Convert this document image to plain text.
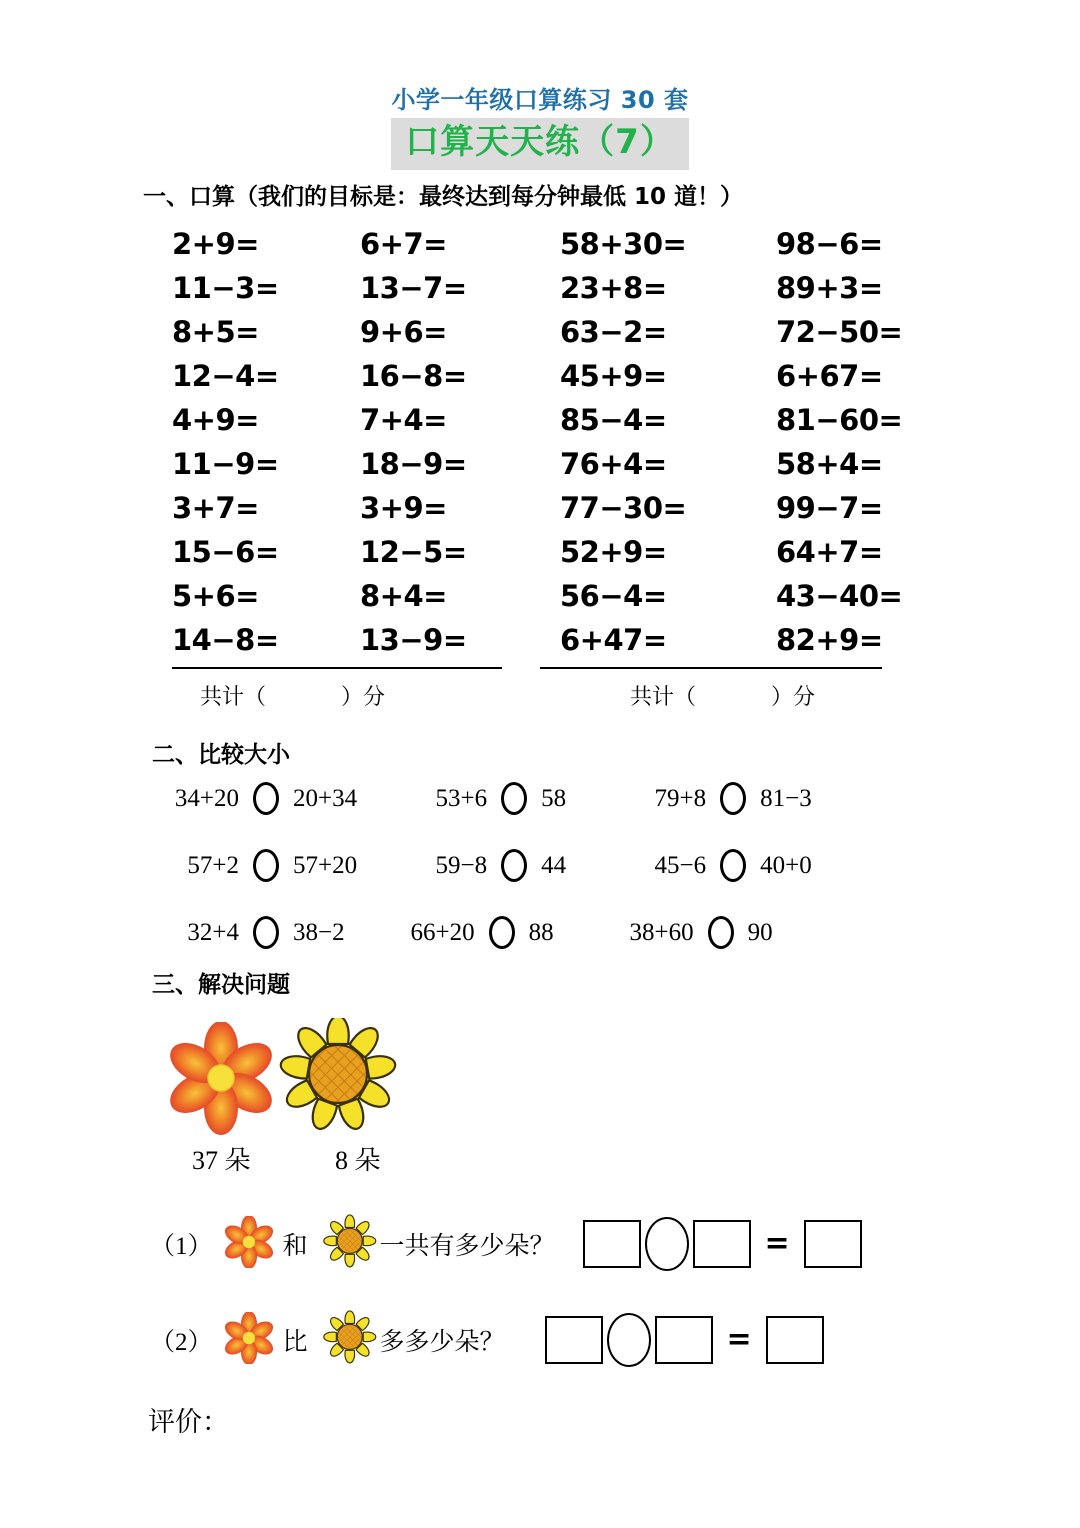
小学一年级口算练习 30 套
口算天天练（7）
一、口算（我们的目标是：最终达到每分钟最低 10 道！）
2+9=	6+7=	58+30=	98−6=
11−3=	13−7=	23+8=	89+3=
8+5=	9+6=	63−2=	72−50=
12−4=	16−8=	45+9=	6+67=
4+9=	7+4=	85−4=	81−60=
11−9=	18−9=	76+4=	58+4=
3+7=	3+9=	77−30=	99−7=
15−6=	12−5=	52+9=	64+7=
5+6=	8+4=	56−4=	43−40=
14−8=	13−9=	6+47=	82+9=
共计（	）分	共计（	）分
二、比较大小
34+20 20+34	53+6 58	79+8 81−3
57+2 57+20	59−8 44	45−6 40+0
32+4 38−2	66+20 88	38+60 90
三、解决问题
37 朵	8 朵
（1）	和	一共有多少朵？	=
（2）	比	多多少朵？	=
评价：
